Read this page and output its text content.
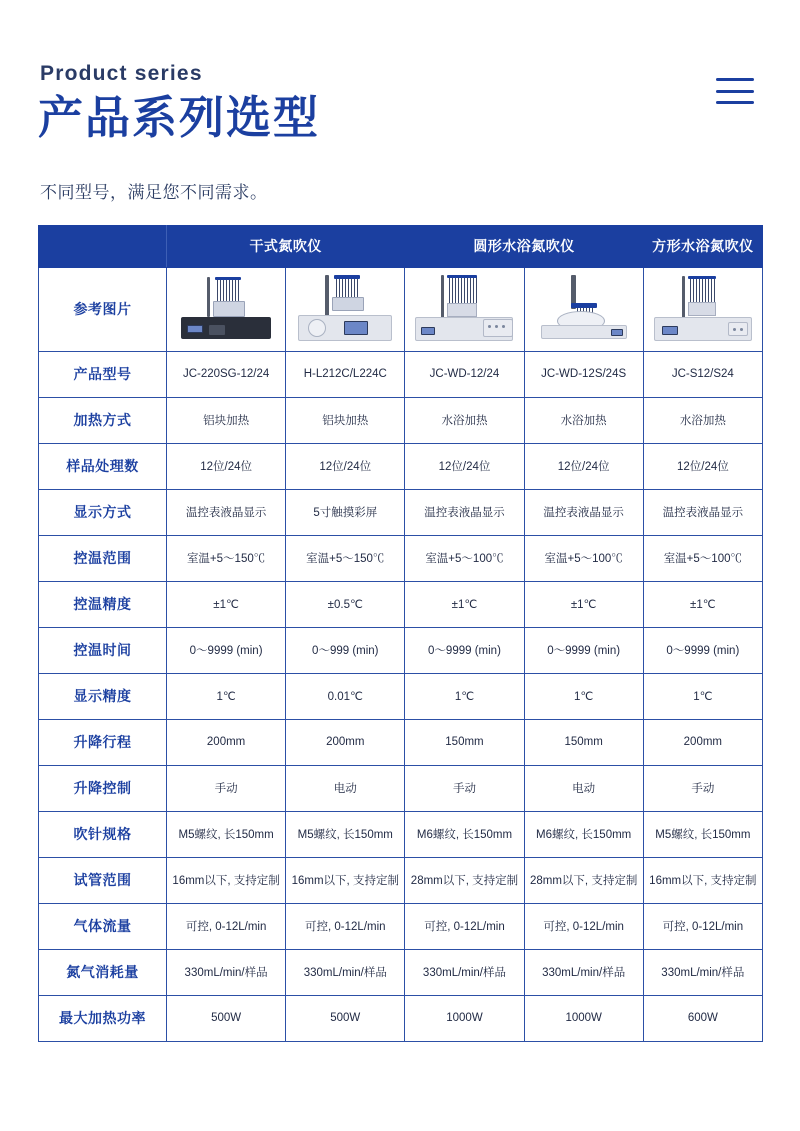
Product series
产品系列选型
不同型号，满足您不同需求。
	干式氮吹仪		圆形水浴氮吹仪		方形水浴氮吹仪
参考图片	

产品型号	JC-220SG-12/24	H-L212C/L224C	JC-WD-12/24	JC-WD-12S/24S	JC-S12/S24
加热方式	铝块加热	铝块加热	水浴加热	水浴加热	水浴加热
样品处理数	12位/24位	12位/24位	12位/24位	12位/24位	12位/24位
显示方式	温控表液晶显示	5寸触摸彩屏	温控表液晶显示	温控表液晶显示	温控表液晶显示
控温范围	室温+5～150℃	室温+5～150℃	室温+5～100℃	室温+5～100℃	室温+5～100℃
控温精度	±1℃	±0.5℃	±1℃	±1℃	±1℃
控温时间	0～9999 (min)	0～999 (min)	0～9999 (min)	0～9999 (min)	0～9999 (min)
显示精度	1℃	0.01℃	1℃	1℃	1℃
升降行程	200mm	200mm	150mm	150mm	200mm
升降控制	手动	电动	手动	电动	手动
吹针规格	M5螺纹, 长150mm	M5螺纹, 长150mm	M6螺纹, 长150mm	M6螺纹, 长150mm	M5螺纹, 长150mm
试管范围	16mm以下, 支持定制	16mm以下, 支持定制	28mm以下, 支持定制	28mm以下, 支持定制	16mm以下, 支持定制
气体流量	可控, 0-12L/min	可控, 0-12L/min	可控, 0-12L/min	可控, 0-12L/min	可控, 0-12L/min
氮气消耗量	330mL/min/样品	330mL/min/样品	330mL/min/样品	330mL/min/样品	330mL/min/样品
最大加热功率	500W	500W	1000W	1000W	600W
